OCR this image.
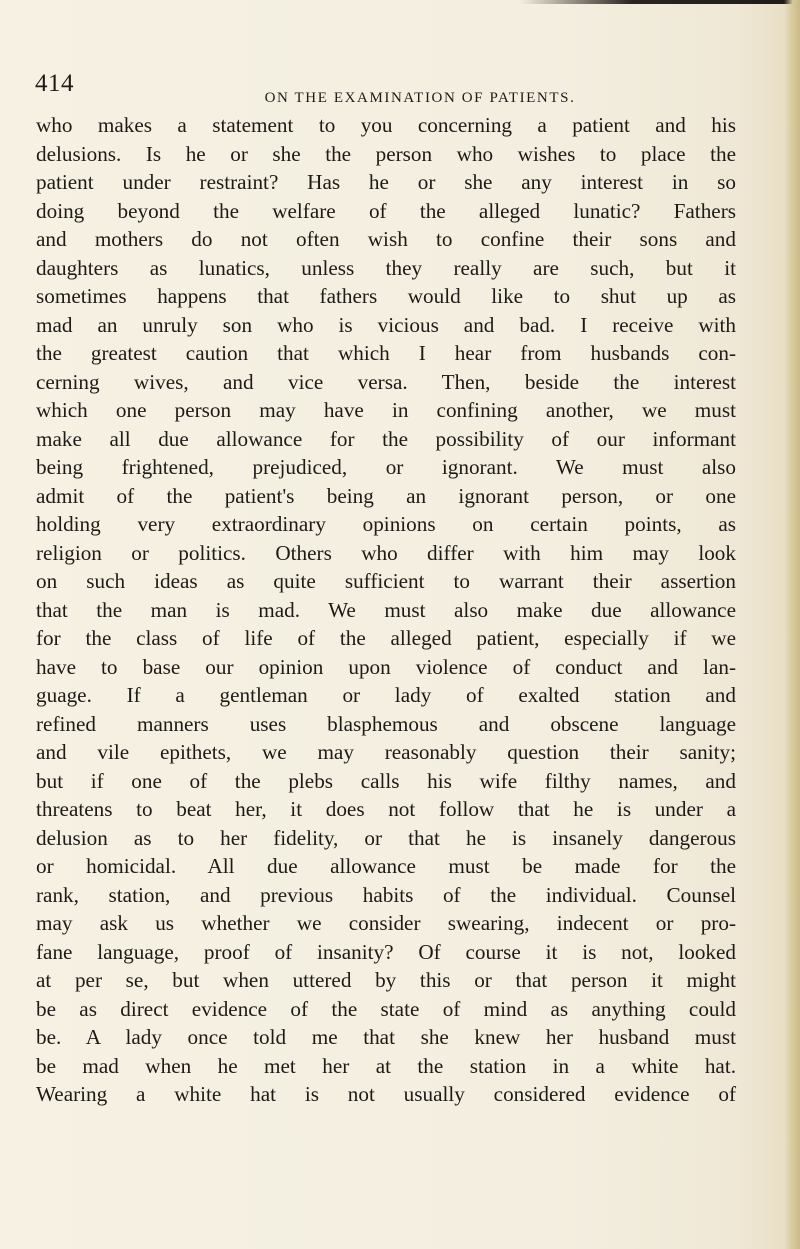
414
ON THE EXAMINATION OF PATIENTS.
who makes a statement to you concerning a patient and his
delusions. Is he or she the person who wishes to place the
patient under restraint? Has he or she any interest in so
doing beyond the welfare of the alleged lunatic? Fathers
and mothers do not often wish to confine their sons and
daughters as lunatics, unless they really are such, but it
sometimes happens that fathers would like to shut up as
mad an unruly son who is vicious and bad. I receive with
the greatest caution that which I hear from husbands con-
cerning wives, and vice versa. Then, beside the interest
which one person may have in confining another, we must
make all due allowance for the possibility of our informant
being frightened, prejudiced, or ignorant. We must also
admit of the patient's being an ignorant person, or one
holding very extraordinary opinions on certain points, as
religion or politics. Others who differ with him may look
on such ideas as quite sufficient to warrant their assertion
that the man is mad. We must also make due allowance
for the class of life of the alleged patient, especially if we
have to base our opinion upon violence of conduct and lan-
guage. If a gentleman or lady of exalted station and
refined manners uses blasphemous and obscene language
and vile epithets, we may reasonably question their sanity;
but if one of the plebs calls his wife filthy names, and
threatens to beat her, it does not follow that he is under a
delusion as to her fidelity, or that he is insanely dangerous
or homicidal. All due allowance must be made for the
rank, station, and previous habits of the individual. Counsel
may ask us whether we consider swearing, indecent or pro-
fane language, proof of insanity? Of course it is not, looked
at per se, but when uttered by this or that person it might
be as direct evidence of the state of mind as anything could
be. A lady once told me that she knew her husband must
be mad when he met her at the station in a white hat.
Wearing a white hat is not usually considered evidence of
